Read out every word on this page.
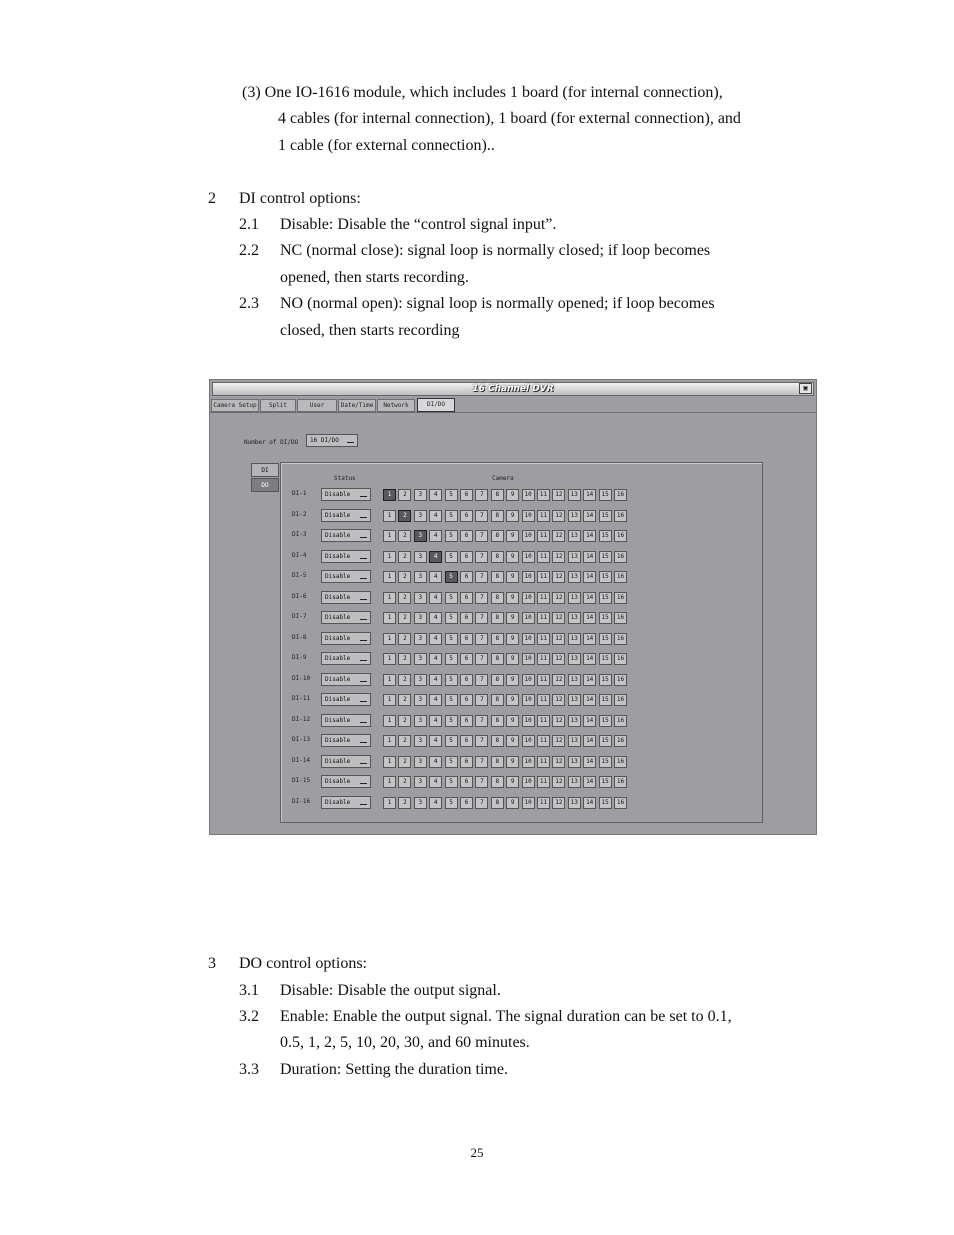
(3) One IO-1616 module, which includes 1 board (for internal connection),
4 cables (for internal connection), 1 board (for external connection), and
1 cable (for external connection)..
2 DI control options:
2.1 Disable: Disable the “control signal input”.
2.2 NC (normal close): signal loop is normally closed; if loop becomes
opened, then starts recording.
2.3 NO (normal open): signal loop is normally opened; if loop becomes
closed, then starts recording
16 Channel DVR	▣
Camera Setup	Split	User	Date/Time	Network	DI/DO
Number of DI/DO	16 DI/DO
DI
DO
Status	Camera
DI-1	Disable	1	2	3	4	5	6	7	8	9	10	11	12	13	14	15	16
DI-2	Disable	1	2	3	4	5	6	7	8	9	10	11	12	13	14	15	16
DI-3	Disable	1	2	3	4	5	6	7	8	9	10	11	12	13	14	15	16
DI-4	Disable	1	2	3	4	5	6	7	8	9	10	11	12	13	14	15	16
DI-5	Disable	1	2	3	4	5	6	7	8	9	10	11	12	13	14	15	16
DI-6	Disable	1	2	3	4	5	6	7	8	9	10	11	12	13	14	15	16
DI-7	Disable	1	2	3	4	5	6	7	8	9	10	11	12	13	14	15	16
DI-8	Disable	1	2	3	4	5	6	7	8	9	10	11	12	13	14	15	16
DI-9	Disable	1	2	3	4	5	6	7	8	9	10	11	12	13	14	15	16
DI-10	Disable	1	2	3	4	5	6	7	8	9	10	11	12	13	14	15	16
DI-11	Disable	1	2	3	4	5	6	7	8	9	10	11	12	13	14	15	16
DI-12	Disable	1	2	3	4	5	6	7	8	9	10	11	12	13	14	15	16
DI-13	Disable	1	2	3	4	5	6	7	8	9	10	11	12	13	14	15	16
DI-14	Disable	1	2	3	4	5	6	7	8	9	10	11	12	13	14	15	16
DI-15	Disable	1	2	3	4	5	6	7	8	9	10	11	12	13	14	15	16
DI-16	Disable	1	2	3	4	5	6	7	8	9	10	11	12	13	14	15	16
3 DO control options:
3.1 Disable: Disable the output signal.
3.2 Enable: Enable the output signal. The signal duration can be set to 0.1,
0.5, 1, 2, 5, 10, 20, 30, and 60 minutes.
3.3 Duration: Setting the duration time.
25
